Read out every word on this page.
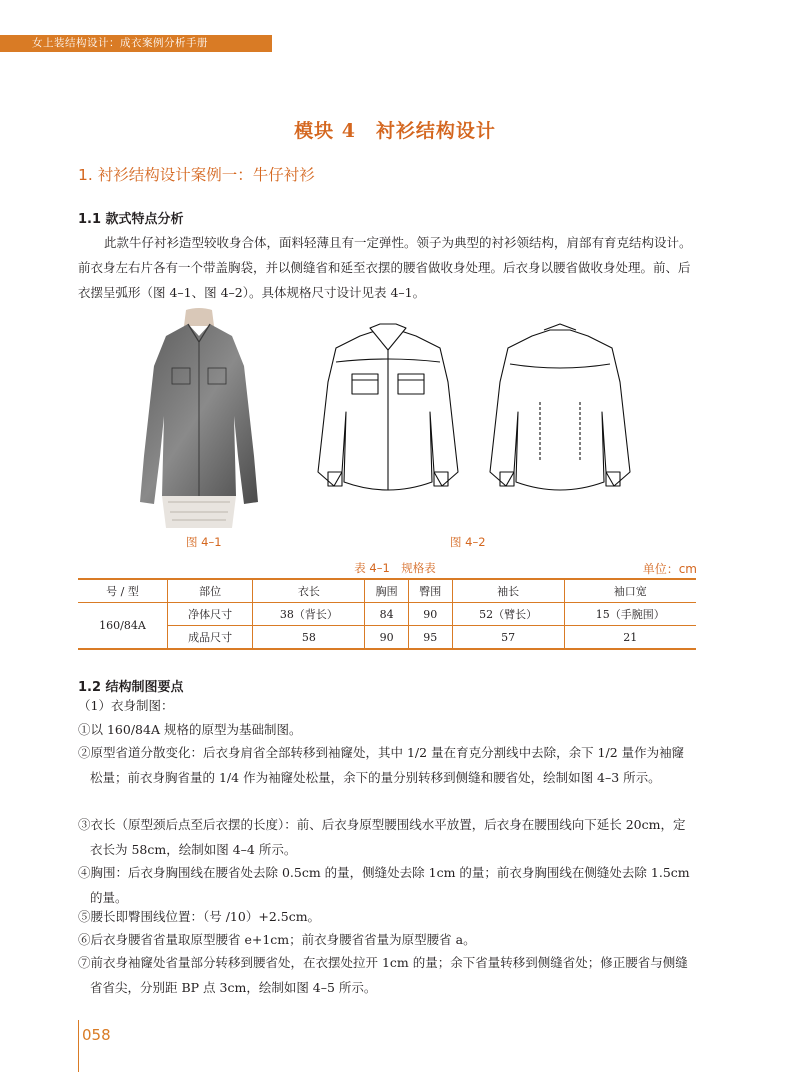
女上装结构设计：成衣案例分析手册
模块 4　衬衫结构设计
1. 衬衫结构设计案例一：牛仔衬衫
1.1 款式特点分析
此款牛仔衬衫造型较收身合体，面料轻薄且有一定弹性。领子为典型的衬衫领结构，肩部有育克结构设计。前衣身左右片各有一个带盖胸袋，并以侧缝省和延至衣摆的腰省做收身处理。后衣身以腰省做收身处理。前、后衣摆呈弧形（图 4–1、图 4–2）。具体规格尺寸设计见表 4–1。
图 4–1	图 4–2
表 4–1　规格表	单位：cm
号 / 型	部位	衣长	胸围	臀围	袖长	袖口宽
160/84A	净体尺寸	38（背长）	84	90	52（臂长）	15（手腕围）
	成品尺寸	58	90	95	57	21
1.2 结构制图要点
（1）衣身制图：
①以 160/84A 规格的原型为基础制图。
②原型省道分散变化：后衣身肩省全部转移到袖窿处，其中 1/2 量在育克分割线中去除，余下 1/2 量作为袖窿松量；前衣身胸省量的 1/4 作为袖窿处松量，余下的量分别转移到侧缝和腰省处，绘制如图 4–3 所示。
③衣长（原型颈后点至后衣摆的长度）：前、后衣身原型腰围线水平放置，后衣身在腰围线向下延长 20cm，定衣长为 58cm，绘制如图 4–4 所示。
④胸围：后衣身胸围线在腰省处去除 0.5cm 的量，侧缝处去除 1cm 的量；前衣身胸围线在侧缝处去除 1.5cm 的量。
⑤腰长即臀围线位置：（号 /10）+2.5cm。
⑥后衣身腰省省量取原型腰省 e+1cm；前衣身腰省省量为原型腰省 a。
⑦前衣身袖窿处省量部分转移到腰省处，在衣摆处拉开 1cm 的量；余下省量转移到侧缝省处；修正腰省与侧缝省省尖，分别距 BP 点 3cm，绘制如图 4–5 所示。
058
